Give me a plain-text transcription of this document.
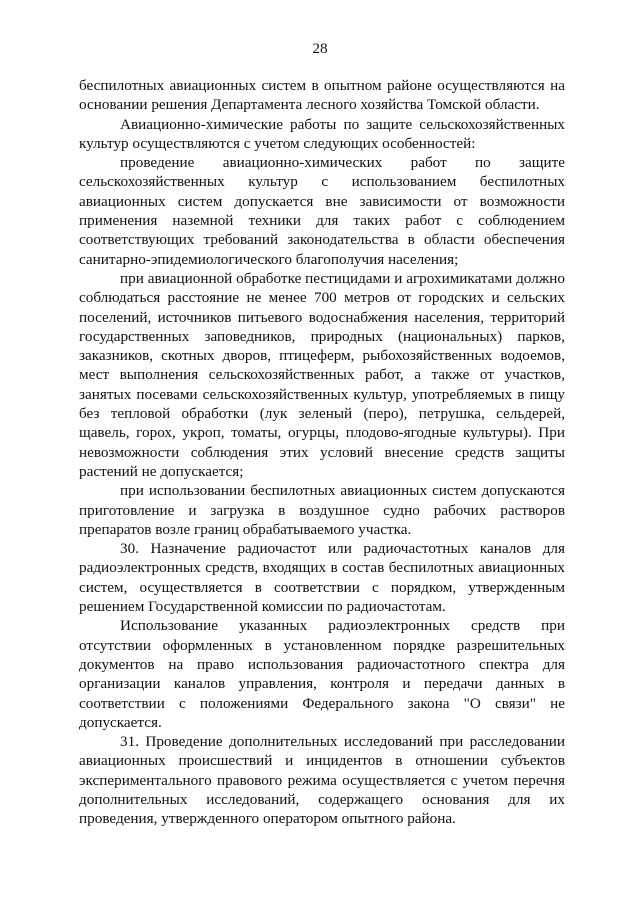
28

беспилотных авиационных систем в опытном районе осуществляются на основании решения Департамента лесного хозяйства Томской области.

Авиационно-химические работы по защите сельскохозяйственных культур осуществляются с учетом следующих особенностей:

проведение авиационно-химических работ по защите сельскохозяйственных культур с использованием беспилотных авиационных систем допускается вне зависимости от возможности применения наземной техники для таких работ с соблюдением соответствующих требований законодательства в области обеспечения санитарно-эпидемиологического благополучия населения;

при авиационной обработке пестицидами и агрохимикатами должно соблюдаться расстояние не менее 700 метров от городских и сельских поселений, источников питьевого водоснабжения населения, территорий государственных заповедников, природных (национальных) парков, заказников, скотных дворов, птицеферм, рыбохозяйственных водоемов, мест выполнения сельскохозяйственных работ, а также от участков, занятых посевами сельскохозяйственных культур, употребляемых в пищу без тепловой обработки (лук зеленый (перо), петрушка, сельдерей, щавель, горох, укроп, томаты, огурцы, плодово-ягодные культуры). При невозможности соблюдения этих условий внесение средств защиты растений не допускается;

при использовании беспилотных авиационных систем допускаются приготовление и загрузка в воздушное судно рабочих растворов препаратов возле границ обрабатываемого участка.

30. Назначение радиочастот или радиочастотных каналов для радиоэлектронных средств, входящих в состав беспилотных авиационных систем, осуществляется в соответствии с порядком, утвержденным решением Государственной комиссии по радиочастотам.

Использование указанных радиоэлектронных средств при отсутствии оформленных в установленном порядке разрешительных документов на право использования радиочастотного спектра для организации каналов управления, контроля и передачи данных в соответствии с положениями Федерального закона "О связи" не допускается.

31. Проведение дополнительных исследований при расследовании авиационных происшествий и инцидентов в отношении субъектов экспериментального правового режима осуществляется с учетом перечня дополнительных исследований, содержащего основания для их проведения, утвержденного оператором опытного района.
